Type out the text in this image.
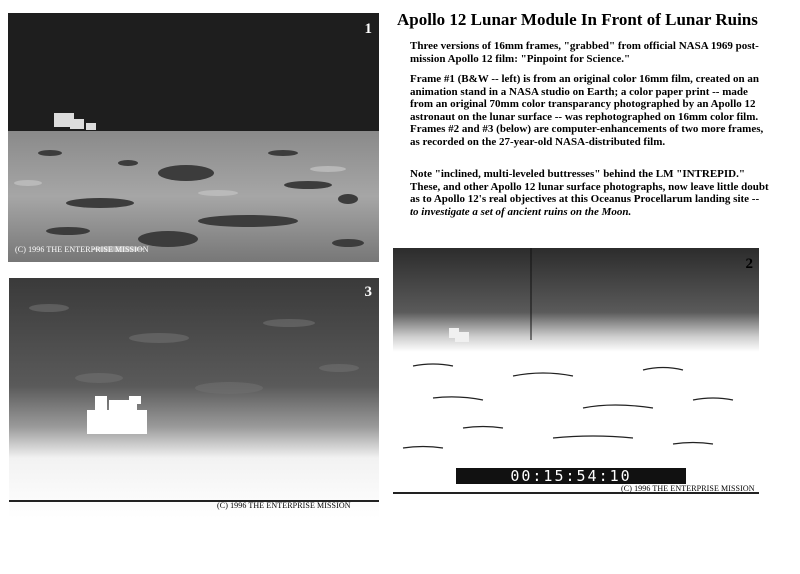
1
(C) 1996 THE ENTERPRISE MISSION
Apollo 12 Lunar Module In Front of Lunar Ruins

Three versions of 16mm frames, "grabbed" from official NASA 1969 post-mission Apollo 12 film: "Pinpoint for Science."

Frame #1 (B&W -- left) is from an original color 16mm film, created on an animation stand in a NASA studio on Earth; a color paper print -- made from an original 70mm color transparancy photographed by an Apollo 12 astronaut on the lunar surface -- was rephotographed on 16mm color film. Frames #2 and #3 (below) are computer-enhancements of two more frames, as recorded on the 27-year-old NASA-distributed film.

Note "inclined, multi-leveled buttresses" behind the LM "INTREPID." These, and other Apollo 12 lunar surface photographs, now leave little doubt as to Apollo 12's real objectives at this Oceanus Procellarum landing site -- to investigate a set of ancient ruins on the Moon.

3
(C) 1996 THE ENTERPRISE MISSION
2
00:15:54:10
(C) 1996 THE ENTERPRISE MISSION
